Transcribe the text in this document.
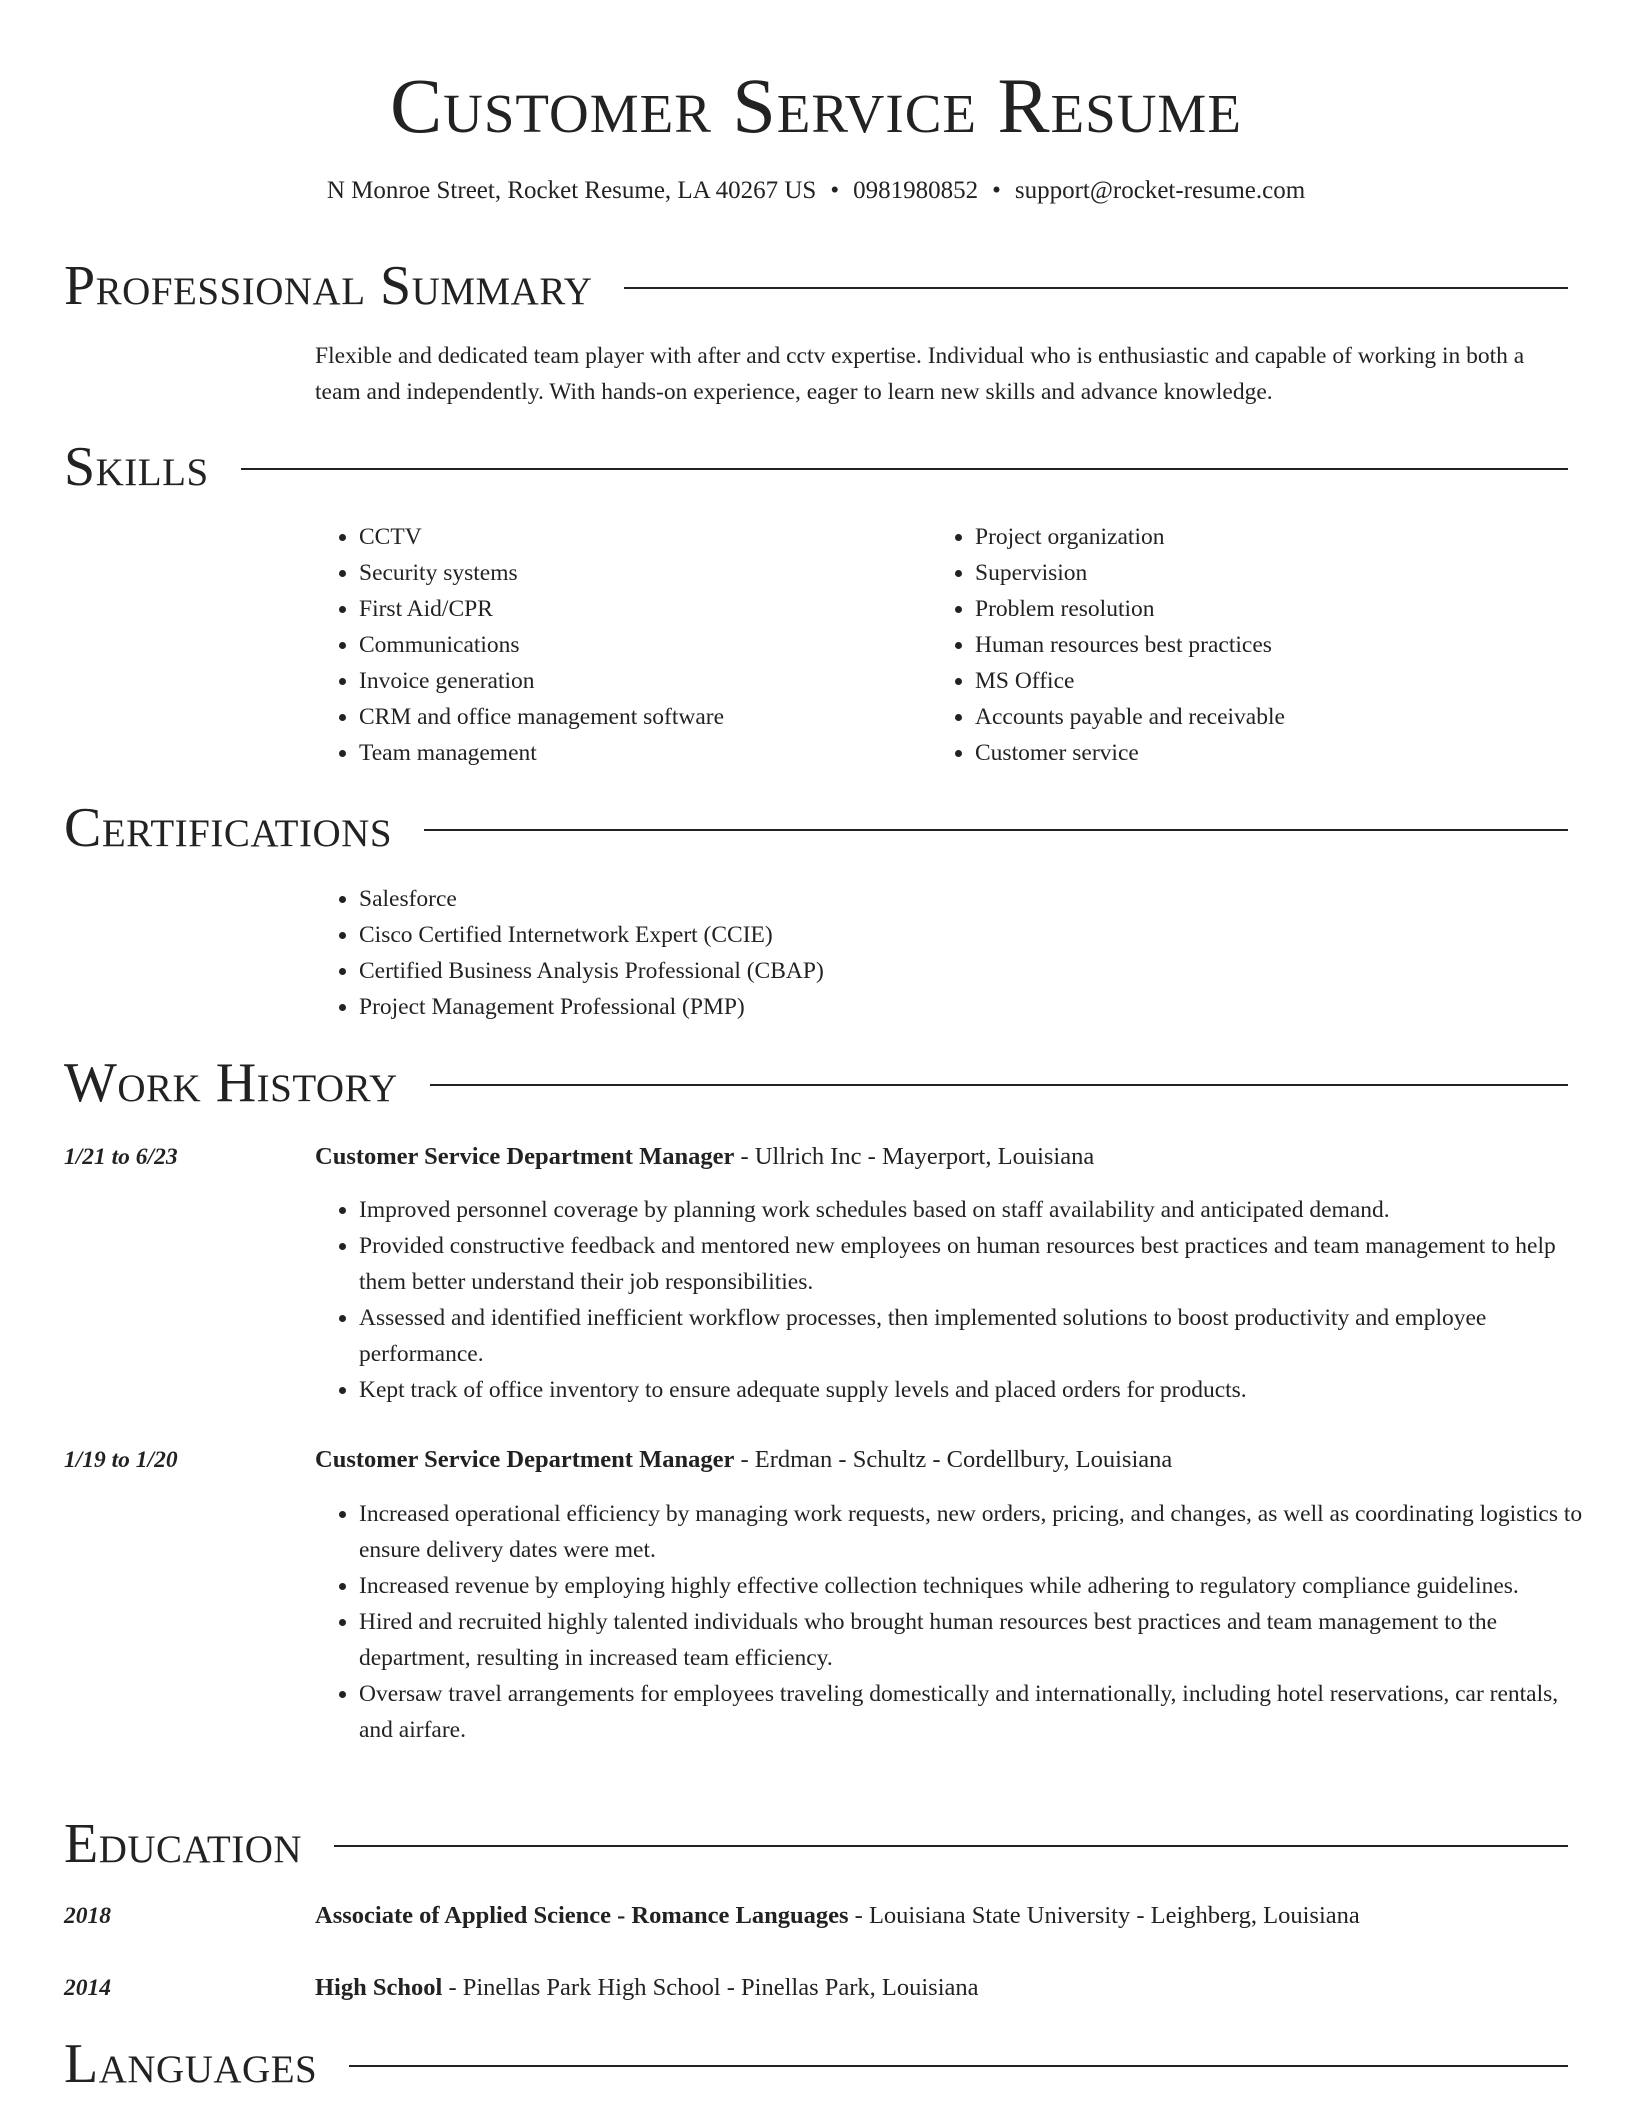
Customer Service Resume
N Monroe Street, Rocket Resume, LA 40267 US • 0981980852 • support@rocket-resume.com
Professional Summary
Flexible and dedicated team player with after and cctv expertise. Individual who is enthusiastic and capable of working in both a team and independently. With hands-on experience, eager to learn new skills and advance knowledge.
Skills
• CCTV
• Security systems
• First Aid/CPR
• Communications
• Invoice generation
• CRM and office management software
• Team management
• Project organization
• Supervision
• Problem resolution
• Human resources best practices
• MS Office
• Accounts payable and receivable
• Customer service
Certifications
• Salesforce
• Cisco Certified Internetwork Expert (CCIE)
• Certified Business Analysis Professional (CBAP)
• Project Management Professional (PMP)
Work History
1/21 to 6/23	Customer Service Department Manager - Ullrich Inc - Mayerport, Louisiana
• Improved personnel coverage by planning work schedules based on staff availability and anticipated demand.
• Provided constructive feedback and mentored new employees on human resources best practices and team management to help them better understand their job responsibilities.
• Assessed and identified inefficient workflow processes, then implemented solutions to boost productivity and employee performance.
• Kept track of office inventory to ensure adequate supply levels and placed orders for products.
1/19 to 1/20	Customer Service Department Manager - Erdman - Schultz - Cordellbury, Louisiana
• Increased operational efficiency by managing work requests, new orders, pricing, and changes, as well as coordinating logistics to ensure delivery dates were met.
• Increased revenue by employing highly effective collection techniques while adhering to regulatory compliance guidelines.
• Hired and recruited highly talented individuals who brought human resources best practices and team management to the department, resulting in increased team efficiency.
• Oversaw travel arrangements for employees traveling domestically and internationally, including hotel reservations, car rentals, and airfare.
Education
2018	Associate of Applied Science - Romance Languages - Louisiana State University - Leighberg, Louisiana
2014	High School - Pinellas Park High School - Pinellas Park, Louisiana
Languages
